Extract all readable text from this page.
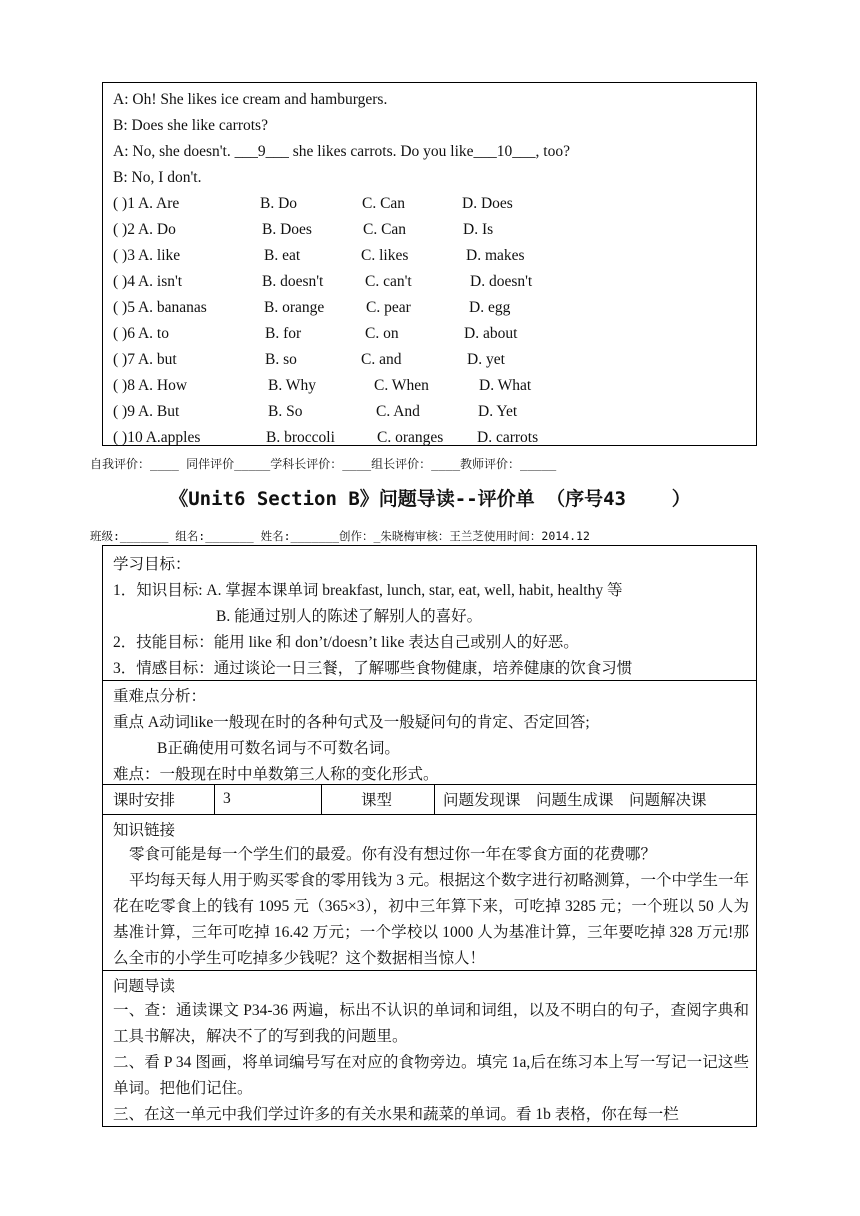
A: Oh! She likes ice cream and hamburgers.
B: Does she like carrots?
A: No, she doesn't. ___9___ she likes carrots. Do you like___10___, too?
B: No, I don't.
( )1 A. Are	B. Do	C. Can	D. Does
( )2 A. Do	B. Does	C. Can	D. Is
( )3 A. like	B. eat	C. likes	D. makes
( )4 A. isn't	B. doesn't	C. can't	D. doesn't
( )5 A. bananas	B. orange	C. pear	D. egg
( )6 A. to	B. for	C. on	D. about
( )7 A. but	B. so	C. and	D. yet
( )8 A. How	B. Why	C. When	D. What
( )9 A. But	B. So	C. And	D. Yet
( )10 A.apples	B. broccoli	C. oranges D. carrots
自我评价：____ 同伴评价_____学科长评价：____组长评价：____教师评价：_____
《Unit6 Section B》问题导读--评价单 （序号43    ）
班级:_______ 组名:_______ 姓名:_______创作：_朱晓梅审核：王兰芝使用时间：2014.12
学习目标：
1．知识目标: A. 掌握本课单词 breakfast, lunch, star, eat, well, habit, healthy 等
B. 能通过别人的陈述了解别人的喜好。
2．技能目标：能用 like 和 don’t/doesn’t like 表达自己或别人的好恶。
3．情感目标：通过谈论一日三餐，了解哪些食物健康，培养健康的饮食习惯
重难点分析：
重点 A动词like一般现在时的各种句式及一般疑问句的肯定、否定回答;
B正确使用可数名词与不可数名词。
难点：一般现在时中单数第三人称的变化形式。
课时安排	3	课型	问题发现课    问题生成课    问题解决课
知识链接
零食可能是每一个学生们的最爱。你有没有想过你一年在零食方面的花费哪？
平均每天每人用于购买零食的零用钱为 3 元。根据这个数字进行初略测算，一个中学生一年花在吃零食上的钱有 1095 元（365×3），初中三年算下来，可吃掉 3285 元；一个班以 50 人为基准计算，三年可吃掉 16.42 万元；一个学校以 1000 人为基准计算，三年要吃掉 328 万元!那么全市的小学生可吃掉多少钱呢？这个数据相当惊人！
问题导读
一、查：通读课文 P34-36 两遍，标出不认识的单词和词组，以及不明白的句子，查阅字典和工具书解决，解决不了的写到我的问题里。
二、看 P 34 图画，将单词编号写在对应的食物旁边。填完 1a,后在练习本上写一写记一记这些单词。把他们记住。
三、在这一单元中我们学过许多的有关水果和蔬菜的单词。看 1b 表格，你在每一栏
